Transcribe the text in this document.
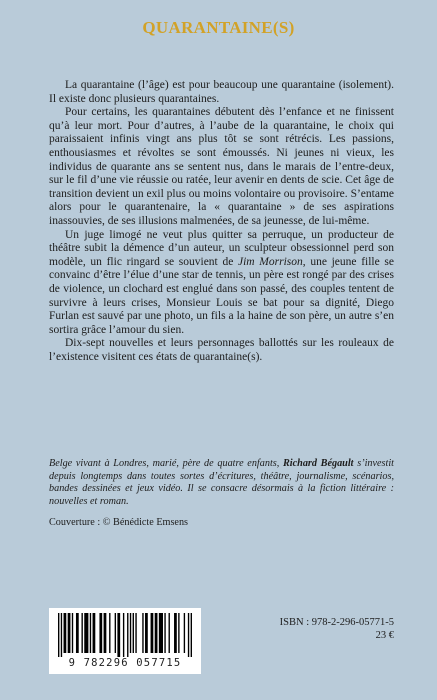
QUARANTAINE(S)

La quarantaine (l’âge) est pour beaucoup une quarantaine (isolement). Il existe donc plusieurs quarantaines.

Pour certains, les quarantaines débutent dès l’enfance et ne finissent qu’à leur mort. Pour d’autres, à l’aube de la quarantaine, le choix qui paraissaient infinis vingt ans plus tôt se sont rétrécis. Les passions, enthousiasmes et révoltes se sont émoussés. Ni jeunes ni vieux, les individus de quarante ans se sentent nus, dans le marais de l’entre-deux, sur le fil d’une vie réussie ou ratée, leur avenir en dents de scie. Cet âge de transition devient un exil plus ou moins volontaire ou provisoire. S’entame alors pour le quarantenaire, la « quarantaine » de ses aspirations inassouvies, de ses illusions malmenées, de sa jeunesse, de lui-même.

Un juge limogé ne veut plus quitter sa perruque, un producteur de théâtre subit la démence d’un auteur, un sculpteur obsessionnel perd son modèle, un flic ringard se souvient de Jim Morrison, une jeune fille se convainc d’être l’élue d’une star de tennis, un père est rongé par des crises de violence, un clochard est englué dans son passé, des couples tentent de survivre à leurs crises, Monsieur Louis se bat pour sa dignité, Diego Furlan est sauvé par une photo, un fils a la haine de son père, un autre s’en sortira grâce l’amour du sien.

Dix-sept nouvelles et leurs personnages ballottés sur les rouleaux de l’existence visitent ces états de quarantaine(s).

Belge vivant à Londres, marié, père de quatre enfants, Richard Bégault s’investit depuis longtemps dans toutes sortes d’écritures, théâtre, journalisme, scénarios, bandes dessinées et jeux vidéo. Il se consacre désormais à la fiction littéraire : nouvelles et roman.

Couverture : © Bénédicte Emsens
9 782296 057715
ISBN : 978-2-296-05771-5
23 €
